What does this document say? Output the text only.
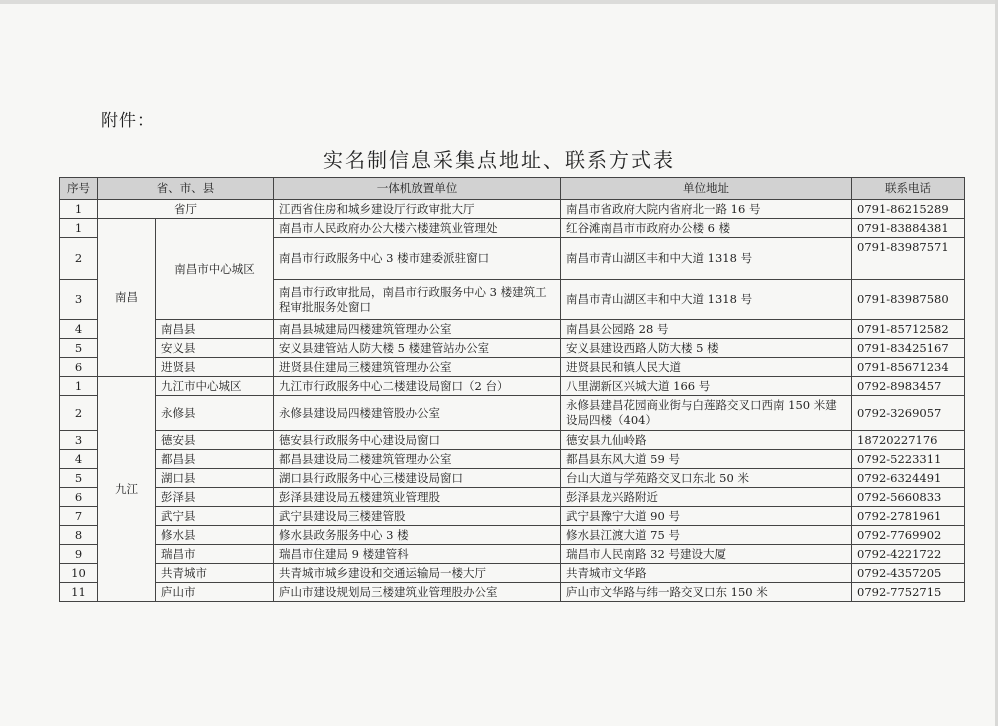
附件：
实名制信息采集点地址、联系方式表
序号	省、市、县		一体机放置单位	单位地址	联系电话
1	省厅		江西省住房和城乡建设厅行政审批大厅	南昌市省政府大院内省府北一路 16 号	0791-86215289
1	南昌	南昌市中心城区	南昌市人民政府办公大楼六楼建筑业管理处	红谷滩南昌市市政府办公楼 6 楼	0791-83884381
2			南昌市行政服务中心 3 楼市建委派驻窗口	南昌市青山湖区丰和中大道 1318 号	0791-83987571
3			南昌市行政审批局，南昌市行政服务中心 3 楼建筑工程审批服务处窗口	南昌市青山湖区丰和中大道 1318 号	0791-83987580
4		南昌县	南昌县城建局四楼建筑管理办公室	南昌县公园路 28 号	0791-85712582
5		安义县	安义县建管站人防大楼 5 楼建管站办公室	安义县建设西路人防大楼 5 楼	0791-83425167
6		进贤县	进贤县住建局三楼建筑管理办公室	进贤县民和镇人民大道	0791-85671234
1	九江	九江市中心城区	九江市行政服务中心二楼建设局窗口（2 台）	八里湖新区兴城大道 166 号	0792-8983457
2		永修县	永修县建设局四楼建管股办公室	永修县建昌花园商业街与白莲路交叉口西南 150 米建设局四楼（404）	0792-3269057
3		德安县	德安县行政服务中心建设局窗口	德安县九仙岭路	18720227176
4		都昌县	都昌县建设局二楼建筑管理办公室	都昌县东风大道 59 号	0792-5223311
5		湖口县	湖口县行政服务中心三楼建设局窗口	台山大道与学苑路交叉口东北 50 米	0792-6324491
6		彭泽县	彭泽县建设局五楼建筑业管理股	彭泽县龙兴路附近	0792-5660833
7		武宁县	武宁县建设局三楼建管股	武宁县豫宁大道 90 号	0792-2781961
8		修水县	修水县政务服务中心 3 楼	修水县江渡大道 75 号	0792-7769902
9		瑞昌市	瑞昌市住建局 9 楼建管科	瑞昌市人民南路 32 号建设大厦	0792-4221722
10		共青城市	共青城市城乡建设和交通运输局一楼大厅	共青城市文华路	0792-4357205
11		庐山市	庐山市建设规划局三楼建筑业管理股办公室	庐山市文华路与纬一路交叉口东 150 米	0792-7752715
